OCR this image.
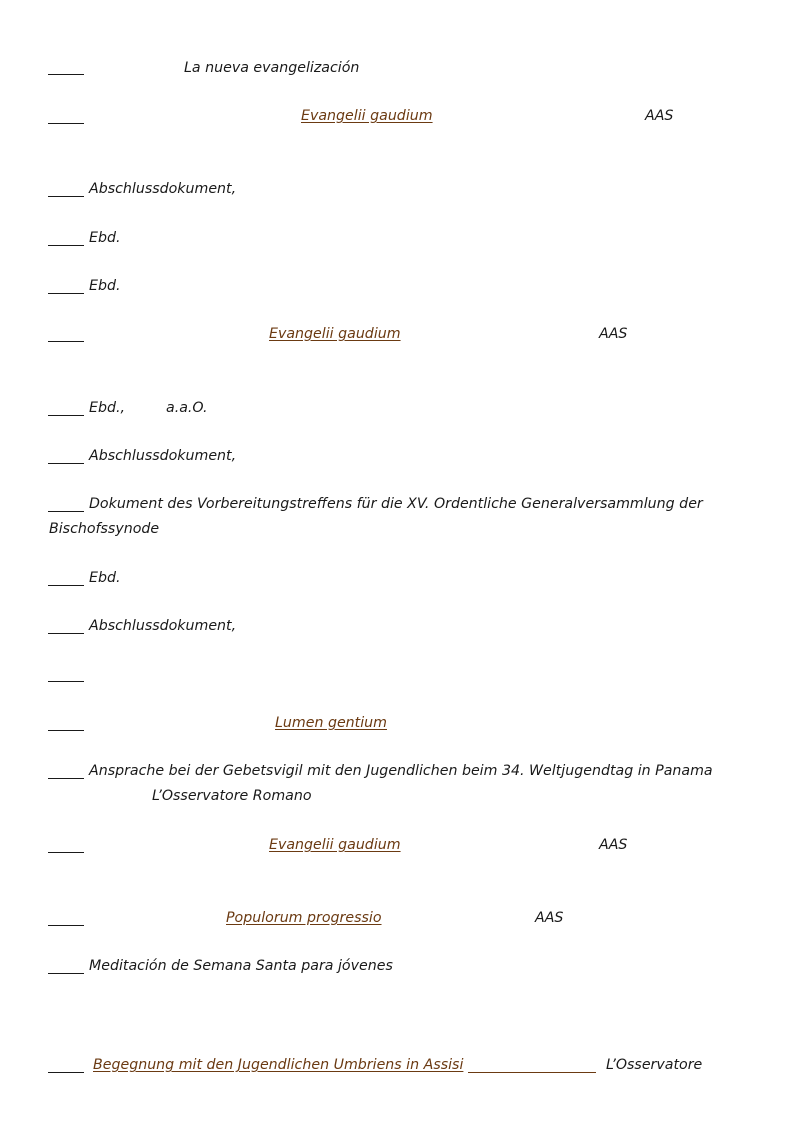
La nueva evangelización
Evangelii gaudium	AAS
Abschlussdokument,
Ebd.
Ebd.
Evangelii gaudium	AAS
Ebd.,	a.a.O.
Abschlussdokument,
Dokument des Vorbereitungstreffens für die XV. Ordentliche Generalversammlung der
Bischofssynode
Ebd.
Abschlussdokument,
Lumen gentium
Ansprache bei der Gebetsvigil mit den Jugendlichen beim 34. Weltjugendtag in Panama
L’Osservatore Romano
Evangelii gaudium	AAS
Populorum progressio	AAS
Meditación de Semana Santa para jóvenes
Begegnung mit den Jugendlichen Umbriens in Assisi	L’Osservatore
